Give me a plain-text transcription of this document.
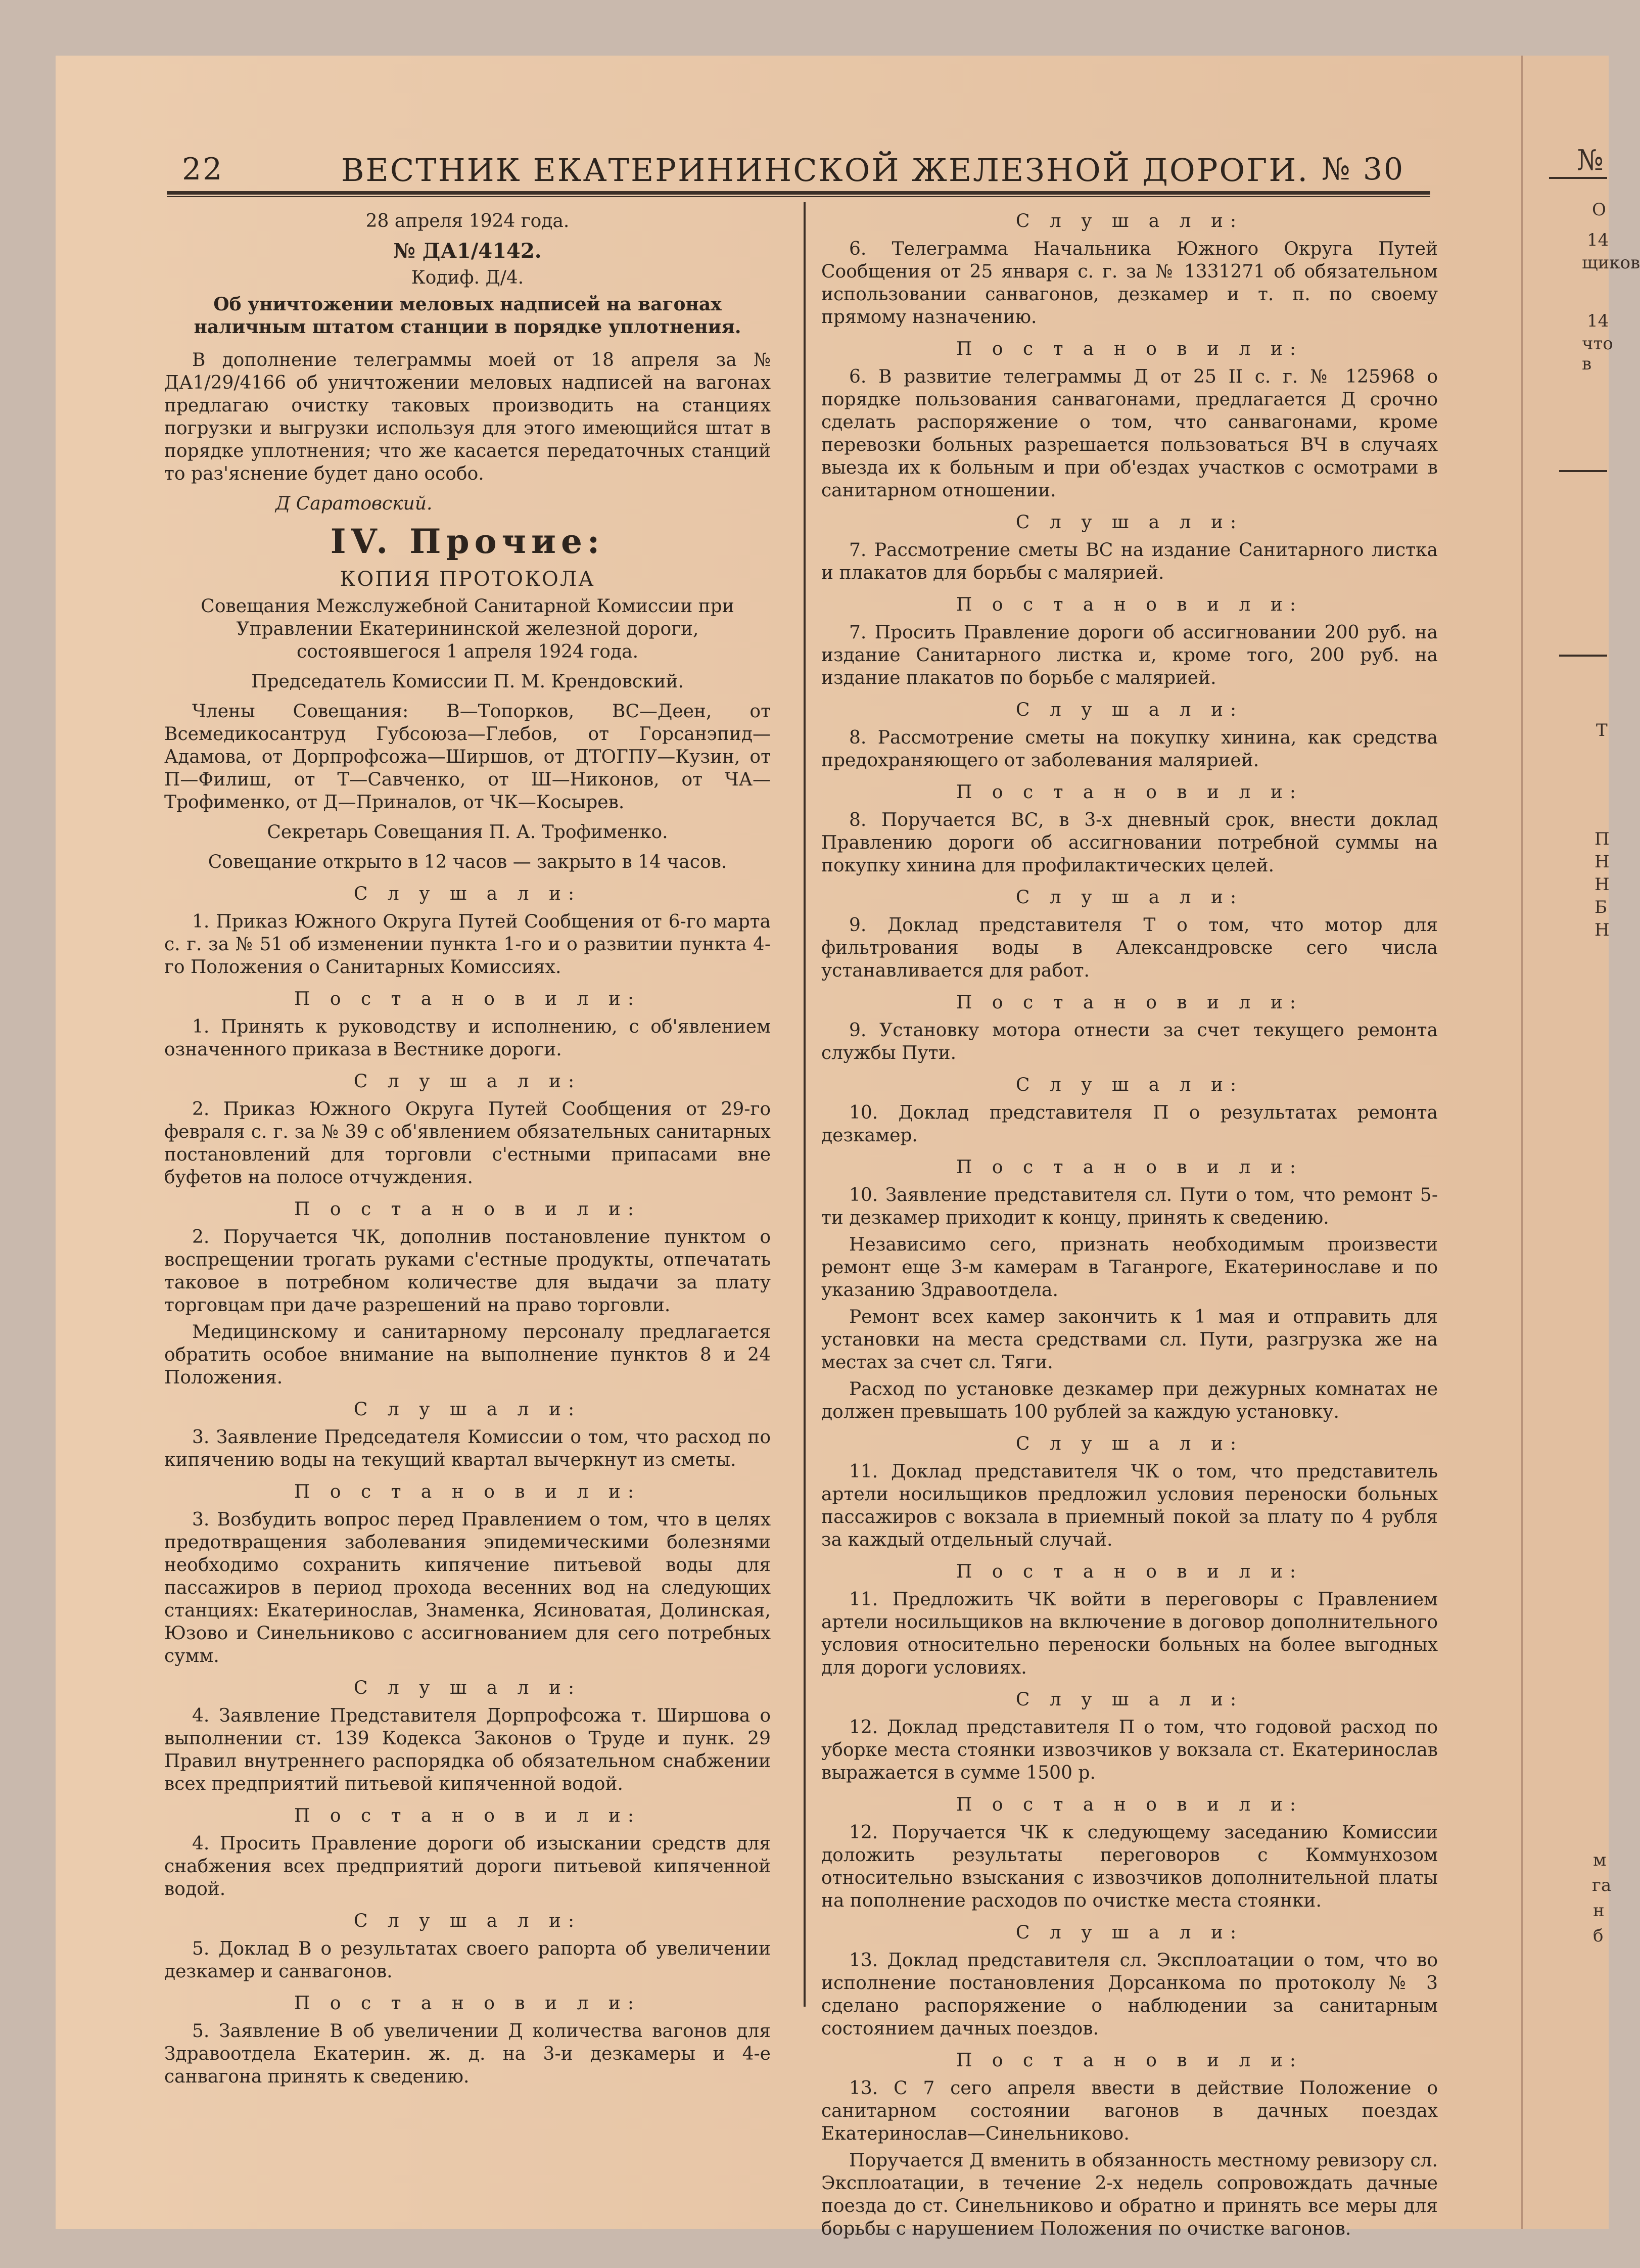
22	ВЕСТНИК ЕКАТЕРИНИНСКОЙ ЖЕЛЕЗНОЙ ДОРОГИ. № 30

28 апреля 1924 года.

№ ДА1/4142.

Кодиф. Д/4.

Об уничтожении меловых надписей на вагонах наличным штатом станции в порядке уплотнения.

В дополнение телеграммы моей от 18 апреля за № ДА1/29/4166 об уничтожении меловых надписей на вагонах предлагаю очистку таковых производить на станциях погрузки и выгрузки используя для этого имеющийся штат в порядке уплотнения; что же касается передаточных станций то раз'яснение будет дано особо.

Д Саратовский.

IV. Прочие:

КОПИЯ ПРОТОКОЛА

Совещания Межслужебной Санитарной Комиссии при Управлении Екатерининской железной дороги, состоявшегося 1 апреля 1924 года.

Председатель Комиссии П. М. Крендовский.

Члены Совещания: В—Топорков, ВС—Деен, от Всемедикосантруд Губсоюза—Глебов, от Горсанэпид—Адамова, от Дорпрофсожа—Ширшов, от ДТОГПУ—Кузин, от П—Филиш, от Т—Савченко, от Ш—Никонов, от ЧА—Трофименко, от Д—Приналов, от ЧК—Косырев.

Секретарь Совещания П. А. Трофименко.

Совещание открыто в 12 часов — закрыто в 14 часов.

С л у ш а л и:

1. Приказ Южного Округа Путей Сообщения от 6-го марта с. г. за № 51 об изменении пункта 1-го и о развитии пункта 4-го Положения о Санитарных Комиссиях.

П о с т а н о в и л и:

1. Принять к руководству и исполнению, с об'явлением означенного приказа в Вестнике дороги.

С л у ш а л и:

2. Приказ Южного Округа Путей Сообщения от 29-го февраля с. г. за № 39 с об'явлением обязательных санитарных постановлений для торговли с'естными припасами вне буфетов на полосе отчуждения.

П о с т а н о в и л и:

2. Поручается ЧК, дополнив постановление пунктом о воспрещении трогать руками с'естные продукты, отпечатать таковое в потребном количестве для выдачи за плату торговцам при даче разрешений на право торговли.

Медицинскому и санитарному персоналу предлагается обратить особое внимание на выполнение пунктов 8 и 24 Положения.

С л у ш а л и:

3. Заявление Председателя Комиссии о том, что расход по кипячению воды на текущий квартал вычеркнут из сметы.

П о с т а н о в и л и:

3. Возбудить вопрос перед Правлением о том, что в целях предотвращения заболевания эпидемическими болезнями необходимо сохранить кипячение питьевой воды для пассажиров в период прохода весенних вод на следующих станциях: Екатеринослав, Знаменка, Ясиноватая, Долинская, Юзово и Синельниково с ассигнованием для сего потребных сумм.

С л у ш а л и:

4. Заявление Представителя Дорпрофсожа т. Ширшова о выполнении ст. 139 Кодекса Законов о Труде и пунк. 29 Правил внутреннего распорядка об обязательном снабжении всех предприятий питьевой кипяченной водой.

П о с т а н о в и л и:

4. Просить Правление дороги об изыскании средств для снабжения всех предприятий дороги питьевой кипяченной водой.

С л у ш а л и:

5. Доклад В о результатах своего рапорта об увеличении дезкамер и санвагонов.

П о с т а н о в и л и:

5. Заявление В об увеличении Д количества вагонов для Здравоотдела Екатерин. ж. д. на 3-и дезкамеры и 4-е санвагона принять к сведению.

С л у ш а л и:

6. Телеграмма Начальника Южного Округа Путей Сообщения от 25 января с. г. за № 1331271 об обязательном использовании санвагонов, дезкамер и т. п. по своему прямому назначению.

П о с т а н о в и л и:

6. В развитие телеграммы Д от 25 II с. г. № 125968 о порядке пользования санвагонами, предлагается Д срочно сделать распоряжение о том, что санвагонами, кроме перевозки больных разрешается пользоваться ВЧ в случаях выезда их к больным и при об'ездах участков с осмотрами в санитарном отношении.

С л у ш а л и:

7. Рассмотрение сметы ВС на издание Санитарного листка и плакатов для борьбы с малярией.

П о с т а н о в и л и:

7. Просить Правление дороги об ассигновании 200 руб. на издание Санитарного листка и, кроме того, 200 руб. на издание плакатов по борьбе с малярией.

С л у ш а л и:

8. Рассмотрение сметы на покупку хинина, как средства предохраняющего от заболевания малярией.

П о с т а н о в и л и:

8. Поручается ВС, в 3-х дневный срок, внести доклад Правлению дороги об ассигновании потребной суммы на покупку хинина для профилактических целей.

С л у ш а л и:

9. Доклад представителя Т о том, что мотор для фильтрования воды в Александровске сего числа устанавливается для работ.

П о с т а н о в и л и:

9. Установку мотора отнести за счет текущего ремонта службы Пути.

С л у ш а л и:

10. Доклад представителя П о результатах ремонта дезкамер.

П о с т а н о в и л и:

10. Заявление представителя сл. Пути о том, что ремонт 5-ти дезкамер приходит к концу, принять к сведению.

Независимо сего, признать необходимым произвести ремонт еще 3-м камерам в Таганроге, Екатеринославе и по указанию Здравоотдела.

Ремонт всех камер закончить к 1 мая и отправить для установки на места средствами сл. Пути, разгрузка же на местах за счет сл. Тяги.

Расход по установке дезкамер при дежурных комнатах не должен превышать 100 рублей за каждую установку.

С л у ш а л и:

11. Доклад представителя ЧК о том, что представитель артели носильщиков предложил условия переноски больных пассажиров с вокзала в приемный покой за плату по 4 рубля за каждый отдельный случай.

П о с т а н о в и л и:

11. Предложить ЧК войти в переговоры с Правлением артели носильщиков на включение в договор дополнительного условия относительно переноски больных на более выгодных для дороги условиях.

С л у ш а л и:

12. Доклад представителя П о том, что годовой расход по уборке места стоянки извозчиков у вокзала ст. Екатеринослав выражается в сумме 1500 р.

П о с т а н о в и л и:

12. Поручается ЧК к следующему заседанию Комиссии доложить результаты переговоров с Коммунхозом относительно взыскания с извозчиков дополнительной платы на пополнение расходов по очистке места стоянки.

С л у ш а л и:

13. Доклад представителя сл. Эксплоатации о том, что во исполнение постановления Дорсанкома по протоколу № 3 сделано распоряжение о наблюдении за санитарным состоянием дачных поездов.

П о с т а н о в и л и:

13. С 7 сего апреля ввести в действие Положение о санитарном состоянии вагонов в дачных поездах Екатеринослав—Синельниково.

Поручается Д вменить в обязанность местному ревизору сл. Эксплоатации, в течение 2-х недель сопровождать дачные поезда до ст. Синельниково и обратно и принять все меры для борьбы с нарушением Положения по очистке вагонов.

№
О
14
щиков
14
что в
Т
П
Н
Н
Б
Н
м
га
н
б
